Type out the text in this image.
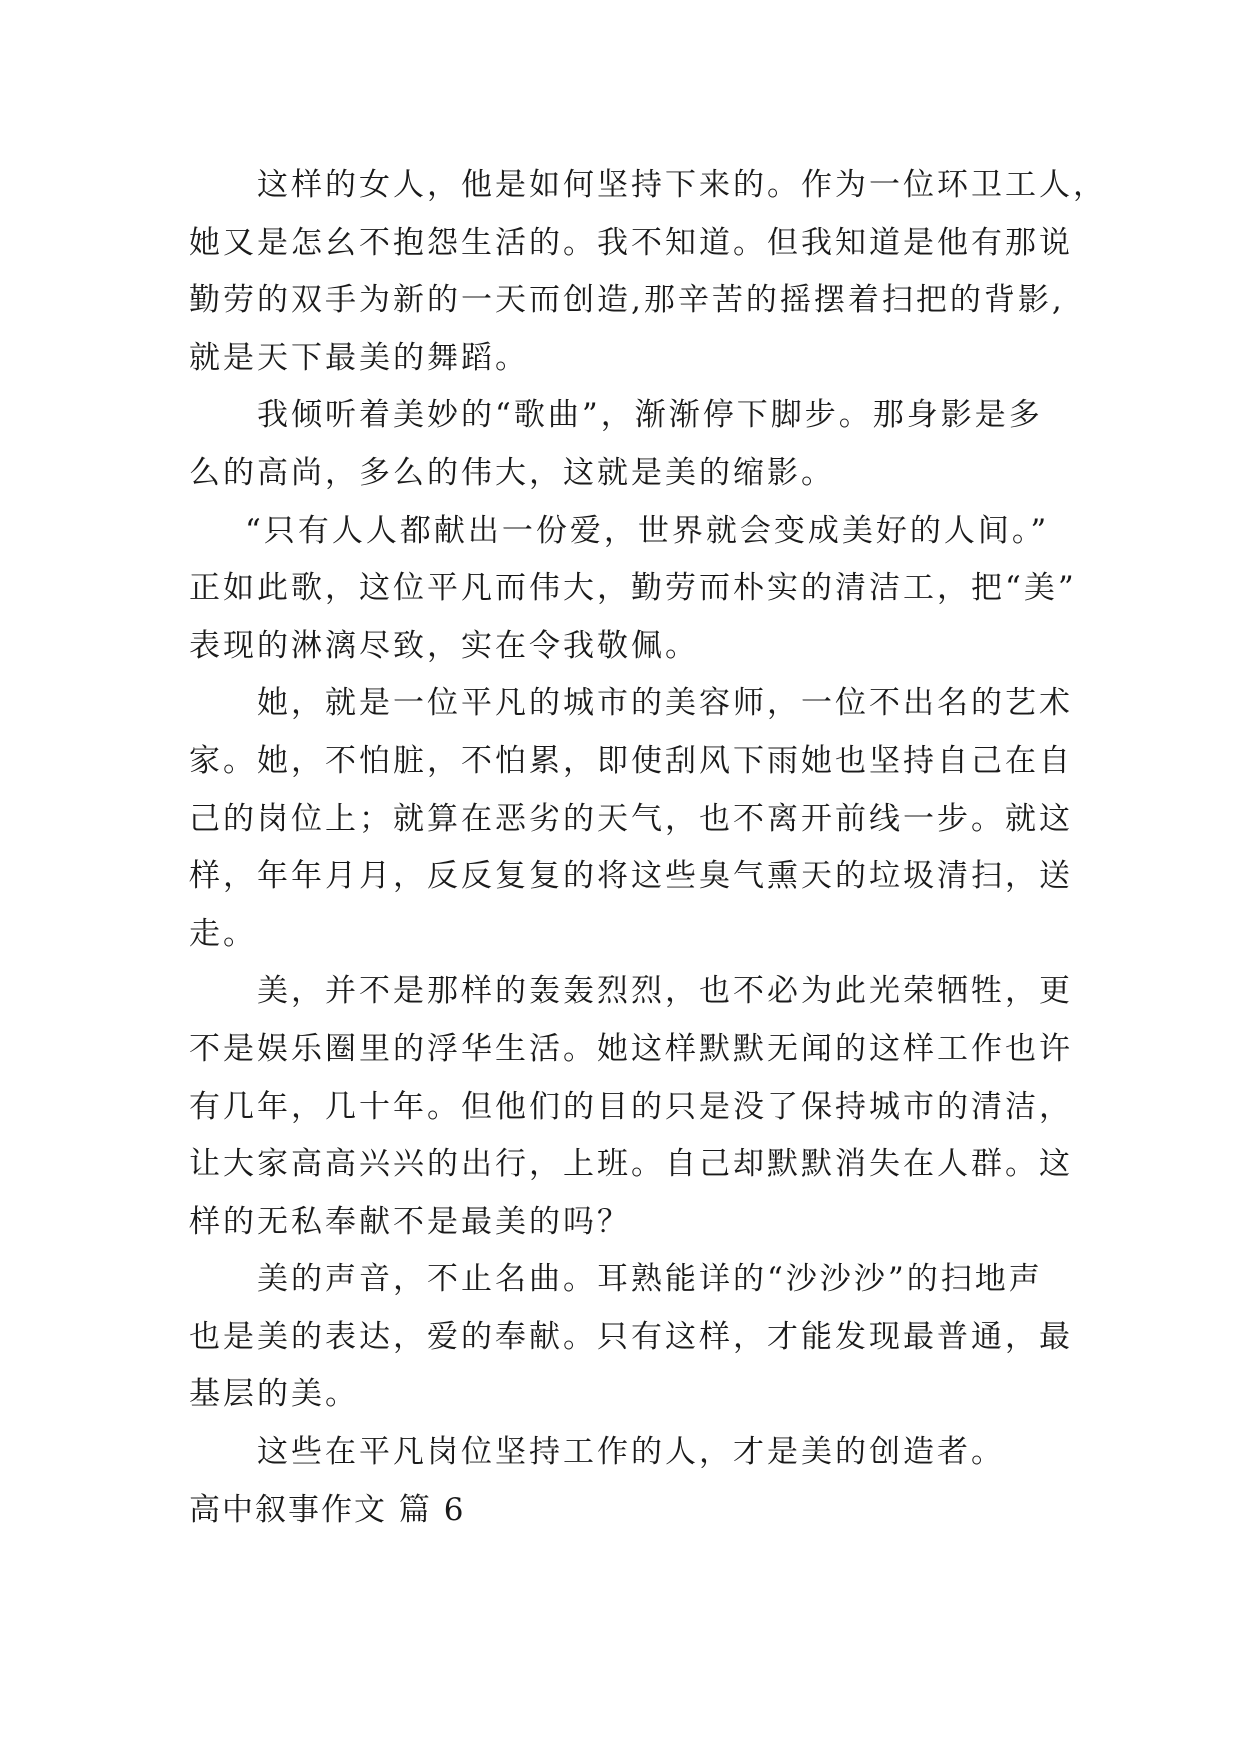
这样的女人，他是如何坚持下来的。作为一位环卫工人，
她又是怎幺不抱怨生活的。我不知道。但我知道是他有那说
勤劳的双手为新的一天而创造,那辛苦的摇摆着扫把的背影,
就是天下最美的舞蹈。
我倾听着美妙的“歌曲”，渐渐停下脚步。那身影是多
么的高尚，多么的伟大，这就是美的缩影。
“只有人人都献出一份爱，世界就会变成美好的人间。”
正如此歌，这位平凡而伟大，勤劳而朴实的清洁工，把“美”
表现的淋漓尽致，实在令我敬佩。
她，就是一位平凡的城市的美容师，一位不出名的艺术
家。她，不怕脏，不怕累，即使刮风下雨她也坚持自己在自
己的岗位上；就算在恶劣的天气，也不离开前线一步。就这
样，年年月月，反反复复的将这些臭气熏天的垃圾清扫，送
走。
美，并不是那样的轰轰烈烈，也不必为此光荣牺牲，更
不是娱乐圈里的浮华生活。她这样默默无闻的这样工作也许
有几年，几十年。但他们的目的只是没了保持城市的清洁，
让大家高高兴兴的出行，上班。自己却默默消失在人群。这
样的无私奉献不是最美的吗？
美的声音，不止名曲。耳熟能详的“沙沙沙”的扫地声
也是美的表达，爱的奉献。只有这样，才能发现最普通，最
基层的美。
这些在平凡岗位坚持工作的人，才是美的创造者。
高中叙事作文 篇 6
